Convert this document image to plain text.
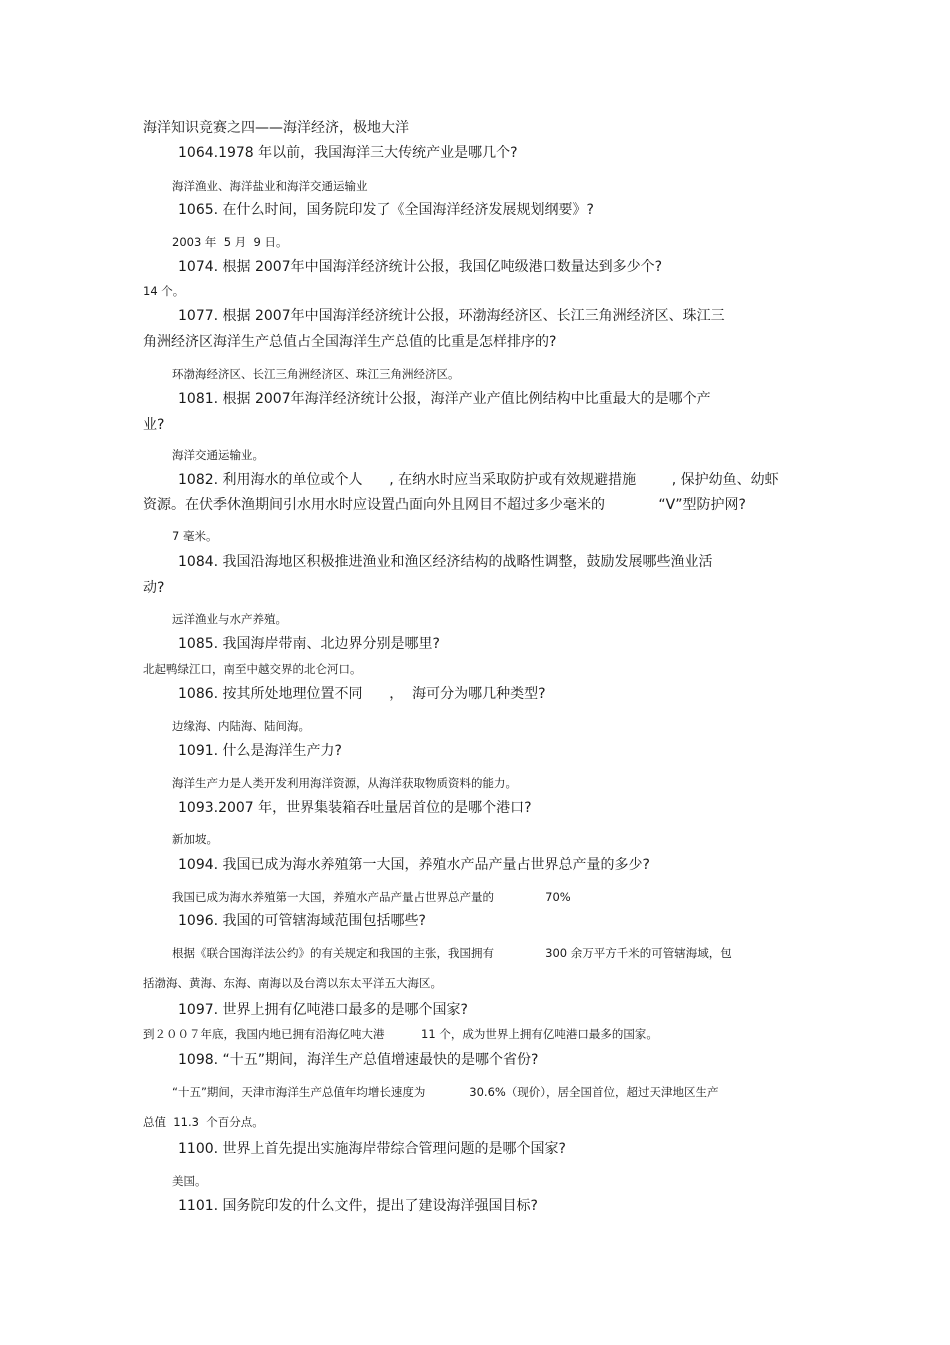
海洋知识竞赛之四——海洋经济，极地大洋
1064.1978 年以前，我国海洋三大传统产业是哪几个?
海洋渔业、海洋盐业和海洋交通运输业
1065. 在什么时间，国务院印发了《全国海洋经济发展规划纲要》?
2003 年  5 月  9 日。
1074. 根据 2007年中国海洋经济统计公报，我国亿吨级港口数量达到多少个?
14 个。
1077. 根据 2007年中国海洋经济统计公报，环渤海经济区、长江三角洲经济区、珠江三
角洲经济区海洋生产总值占全国海洋生产总值的比重是怎样排序的?
环渤海经济区、长江三角洲经济区、珠江三角洲经济区。
1081. 根据 2007年海洋经济统计公报，海洋产业产值比例结构中比重最大的是哪个产
业?
海洋交通运输业。
1082. 利用海水的单位或个人      , 在纳水时应当采取防护或有效规避措施        , 保护幼鱼、幼虾
资源。在伏季休渔期间引水用水时应设置凸面向外且网目不超过多少毫米的            “V”型防护网?
7 毫米。
1084. 我国沿海地区积极推进渔业和渔区经济结构的战略性调整，鼓励发展哪些渔业活
动?
远洋渔业与水产养殖。
1085. 我国海岸带南、北边界分别是哪里?
北起鸭绿江口，南至中越交界的北仑河口。
1086. 按其所处地理位置不同      ，  海可分为哪几种类型?
边缘海、内陆海、陆间海。
1091. 什么是海洋生产力?
海洋生产力是人类开发利用海洋资源，从海洋获取物质资料的能力。
1093.2007 年，世界集装箱吞吐量居首位的是哪个港口?
新加坡。
1094. 我国已成为海水养殖第一大国，养殖水产品产量占世界总产量的多少?
我国已成为海水养殖第一大国，养殖水产品产量占世界总产量的              70%
1096. 我国的可管辖海域范围包括哪些?
根据《联合国海洋法公约》的有关规定和我国的主张，我国拥有              300 余万平方千米的可管辖海域，包
括渤海、黄海、东海、南海以及台湾以东太平洋五大海区。
1097. 世界上拥有亿吨港口最多的是哪个国家?
到２００７年底，我国内地已拥有沿海亿吨大港          11 个，成为世界上拥有亿吨港口最多的国家。
1098. “十五”期间，海洋生产总值增速最快的是哪个省份?
“十五”期间，天津市海洋生产总值年均增长速度为            30.6%（现价），居全国首位，超过天津地区生产
总值  11.3  个百分点。
1100. 世界上首先提出实施海岸带综合管理问题的是哪个国家?
美国。
1101. 国务院印发的什么文件，提出了建设海洋强国目标?
